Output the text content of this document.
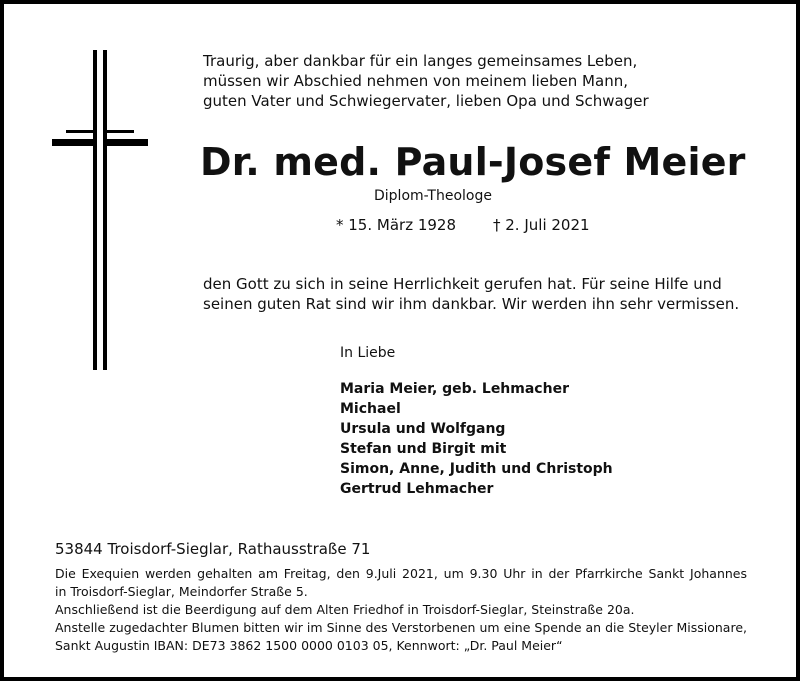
Traurig, aber dankbar für ein langes gemeinsames Leben,
müssen wir Abschied nehmen von meinem lieben Mann,
guten Vater und Schwiegervater, lieben Opa und Schwager
Dr. med. Paul-Josef Meier
Diplom-Theologe
* 15. März 1928 † 2. Juli 2021
den Gott zu sich in seine Herrlichkeit gerufen hat. Für seine Hilfe und
seinen guten Rat sind wir ihm dankbar. Wir werden ihn sehr vermissen.
In Liebe
Maria Meier, geb. Lehmacher
Michael
Ursula und Wolfgang
Stefan und Birgit mit
Simon, Anne, Judith und Christoph
Gertrud Lehmacher
53844 Troisdorf-Sieglar, Rathausstraße 71

Die Exequien werden gehalten am Freitag, den 9.Juli 2021, um 9.30 Uhr in der Pfarrkirche Sankt Johannes

in Troisdorf-Sieglar, Meindorfer Straße 5.

Anschließend ist die Beerdigung auf dem Alten Friedhof in Troisdorf-Sieglar, Steinstraße 20a.

Anstelle zugedachter Blumen bitten wir im Sinne des Verstorbenen um eine Spende an die Steyler Missionare,

Sankt Augustin IBAN: DE73 3862 1500 0000 0103 05, Kennwort: „Dr. Paul Meier“
